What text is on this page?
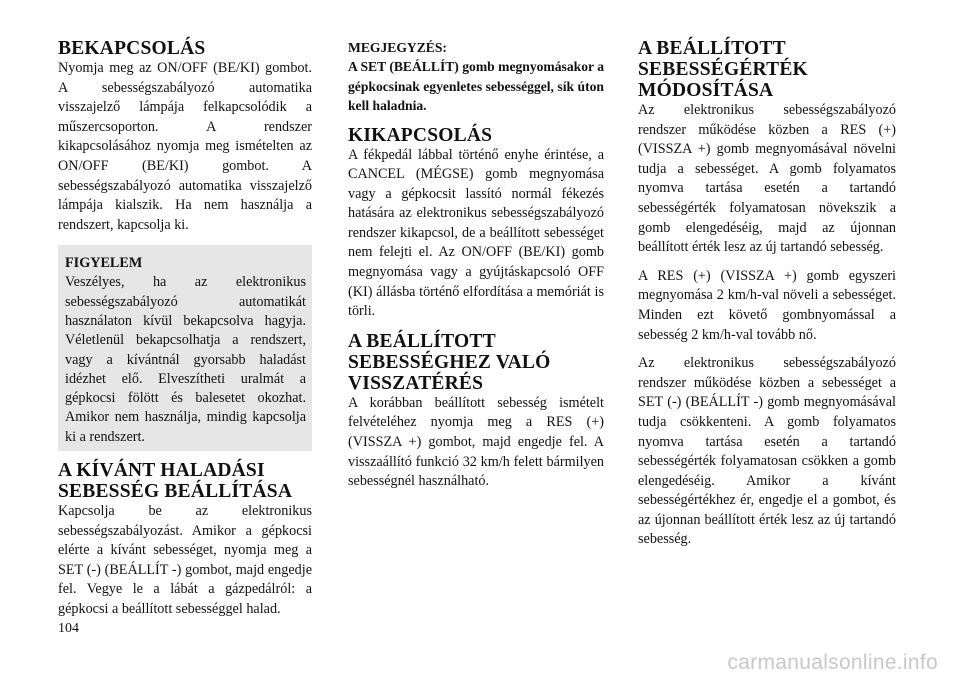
BEKAPCSOLÁS

Nyomja meg az ON/OFF (BE/KI) gombot. A sebességszabályozó automatika visszajelző lámpája felkapcsolódik a műszercsoporton. A rendszer kikapcsolásához nyomja meg ismételten az ON/OFF (BE/KI) gombot. A sebességszabályozó automatika visszajelző lámpája kialszik. Ha nem használja a rendszert, kapcsolja ki.

FIGYELEM

Veszélyes, ha az elektronikus sebességszabályozó automatikát használaton kívül bekapcsolva hagyja. Véletlenül bekapcsolhatja a rendszert, vagy a kívántnál gyorsabb haladást idézhet elő. Elveszítheti uralmát a gépkocsi fölött és balesetet okozhat. Amikor nem használja, mindig kapcsolja ki a rendszert.

A KÍVÁNT HALADÁSI
SEBESSÉG BEÁLLÍTÁSA

Kapcsolja be az elektronikus sebességszabályozást. Amikor a gépkocsi elérte a kívánt sebességet, nyomja meg a SET (-) (BEÁLLÍT -) gombot, majd engedje fel. Vegye le a lábát a gázpedálról: a gépkocsi a beállított sebességgel halad.

MEGJEGYZÉS:
A SET (BEÁLLÍT) gomb megnyomásakor a gépkocsinak egyenletes sebességgel, sík úton kell haladnia.
KIKAPCSOLÁS

A fékpedál lábbal történő enyhe érintése, a CANCEL (MÉGSE) gomb megnyomása vagy a gépkocsit lassító normál fékezés hatására az elektronikus sebességszabályozó rendszer kikapcsol, de a beállított sebességet nem felejti el. Az ON/OFF (BE/KI) gomb megnyomása vagy a gyújtáskapcsoló OFF (KI) állásba történő elfordítása a memóriát is törli.

A BEÁLLÍTOTT
SEBESSÉGHEZ VALÓ
VISSZATÉRÉS

A korábban beállított sebesség ismételt felvételéhez nyomja meg a RES (+) (VISSZA +) gombot, majd engedje fel. A visszaállító funkció 32 km/h felett bármilyen sebességnél használható.

A BEÁLLÍTOTT
SEBESSÉGÉRTÉK
MÓDOSÍTÁSA

Az elektronikus sebességszabályozó rendszer működése közben a RES (+) (VISSZA +) gomb megnyomásával növelni tudja a sebességet. A gomb folyamatos nyomva tartása esetén a tartandó sebességérték folyamatosan növekszik a gomb elengedéséig, majd az újonnan beállított érték lesz az új tartandó sebesség.

A RES (+) (VISSZA +) gomb egyszeri megnyomása 2 km/h-val növeli a sebességet. Minden ezt követő gombnyomással a sebesség 2 km/h-val tovább nő.

Az elektronikus sebességszabályozó rendszer működése közben a sebességet a SET (-) (BEÁLLÍT -) gomb megnyomásával tudja csökkenteni. A gomb folyamatos nyomva tartása esetén a tartandó sebességérték folyamatosan csökken a gomb elengedéséig. Amikor a kívánt sebességértékhez ér, engedje el a gombot, és az újonnan beállított érték lesz az új tartandó sebesség.

104
carmanualsonline.info
